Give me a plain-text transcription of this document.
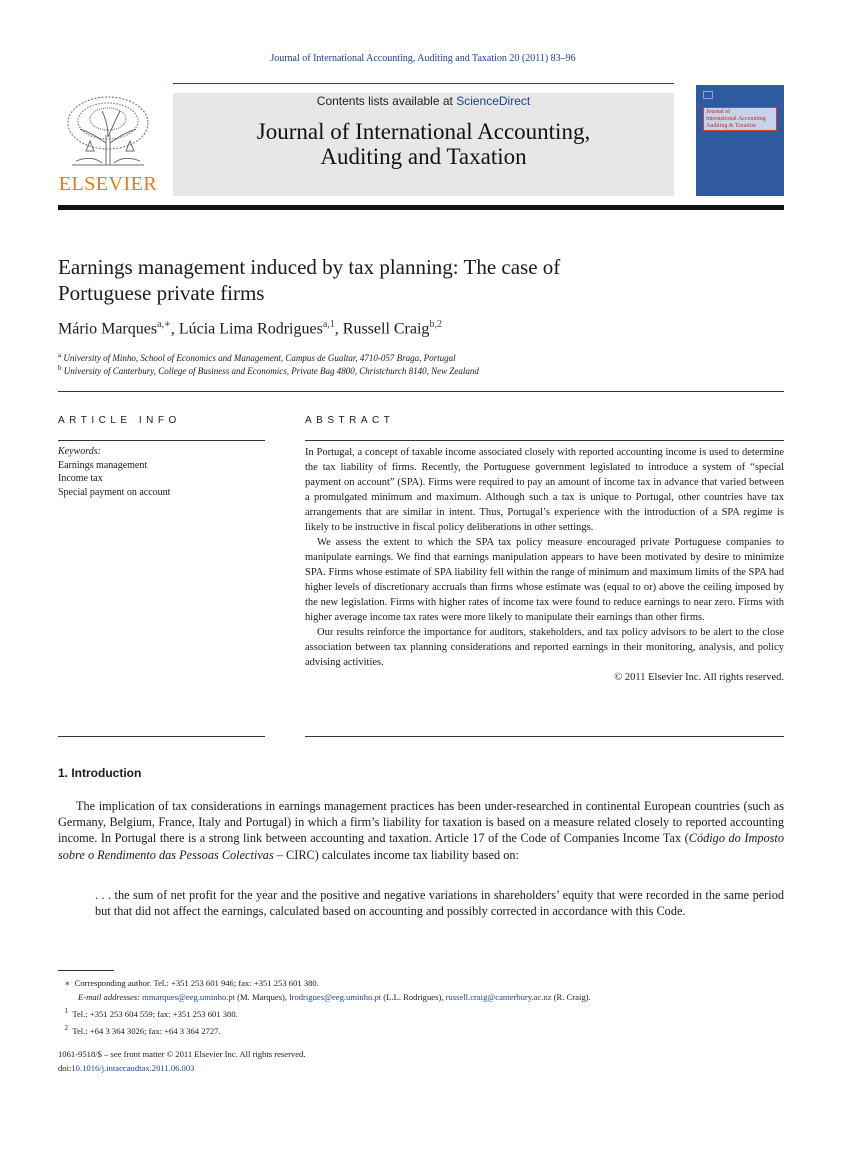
Journal of International Accounting, Auditing and Taxation 20 (2011) 83–96
ELSEVIER
Contents lists available at ScienceDirect
Journal of International Accounting,
Auditing and Taxation
Journal of
International Accounting
Auditing & Taxation
Earnings management induced by tax planning: The case of
Portuguese private firms
Mário Marques$^{a,∗}$, Lúcia Lima Rodrigues$^{a,1}$, Russell Craig$^{b,2}$
$^a$ University of Minho, School of Economics and Management, Campus de Gualtar, 4710-057 Braga, Portugal
$^b$ University of Canterbury, College of Business and Economics, Private Bag 4800, Christchurch 8140, New Zealand
ARTICLE INFO	ABSTRACT
Keywords:
Earnings management
Income tax
Special payment on account

In Portugal, a concept of taxable income associated closely with reported accounting income is used to determine the tax liability of firms. Recently, the Portuguese government legislated to introduce a system of “special payment on account” (SPA). Firms were required to pay an amount of income tax in advance that varied between a promulgated minimum and maximum. Although such a tax is unique to Portugal, other countries have tax arrangements that are similar in intent. Thus, Portugal’s experience with the introduction of a SPA regime is likely to be instructive in fiscal policy deliberations in other settings.

We assess the extent to which the SPA tax policy measure encouraged private Portuguese companies to manipulate earnings. We find that earnings manipulation appears to have been motivated by desire to minimize SPA. Firms whose estimate of SPA liability fell within the range of minimum and maximum limits of the SPA had higher levels of discretionary accruals than firms whose estimate was (equal to or) above the ceiling imposed by the new legislation. Firms with higher rates of income tax were found to reduce earnings to near zero. Firms with higher average income tax rates were more likely to manipulate their earnings than other firms.

Our results reinforce the importance for auditors, stakeholders, and tax policy advisors to be alert to the close association between tax planning considerations and reported earnings in their monitoring, analysis, and policy advising activities.

© 2011 Elsevier Inc. All rights reserved.

1. Introduction

The implication of tax considerations in earnings management practices has been under-researched in continental European countries (such as Germany, Belgium, France, Italy and Portugal) in which a firm’s liability for taxation is based on a measure related closely to reported accounting income. In Portugal there is a strong link between accounting and taxation. Article 17 of the Code of Companies Income Tax (Código do Imposto sobre o Rendimento das Pessoas Colectivas – CIRC) calculates income tax liability based on:

. . . the sum of net profit for the year and the positive and negative variations in shareholders’ equity that were recorded in the same period but that did not affect the earnings, calculated based on accounting and possibly corrected in accordance with this Code.
∗ Corresponding author. Tel.: +351 253 601 946; fax: +351 253 601 380.
E-mail addresses: mmarques@eeg.uminho.pt (M. Marques), lrodrigues@eeg.uminho.pt (L.L. Rodrigues), russell.craig@canterbury.ac.nz (R. Craig).
$^1$ Tel.: +351 253 604 559; fax: +351 253 601 380.
$^2$ Tel.: +64 3 364 3026; fax: +64 3 364 2727.
1061-9518/$ – see front matter © 2011 Elsevier Inc. All rights reserved.
doi:10.1016/j.intaccaudtax.2011.06.003
